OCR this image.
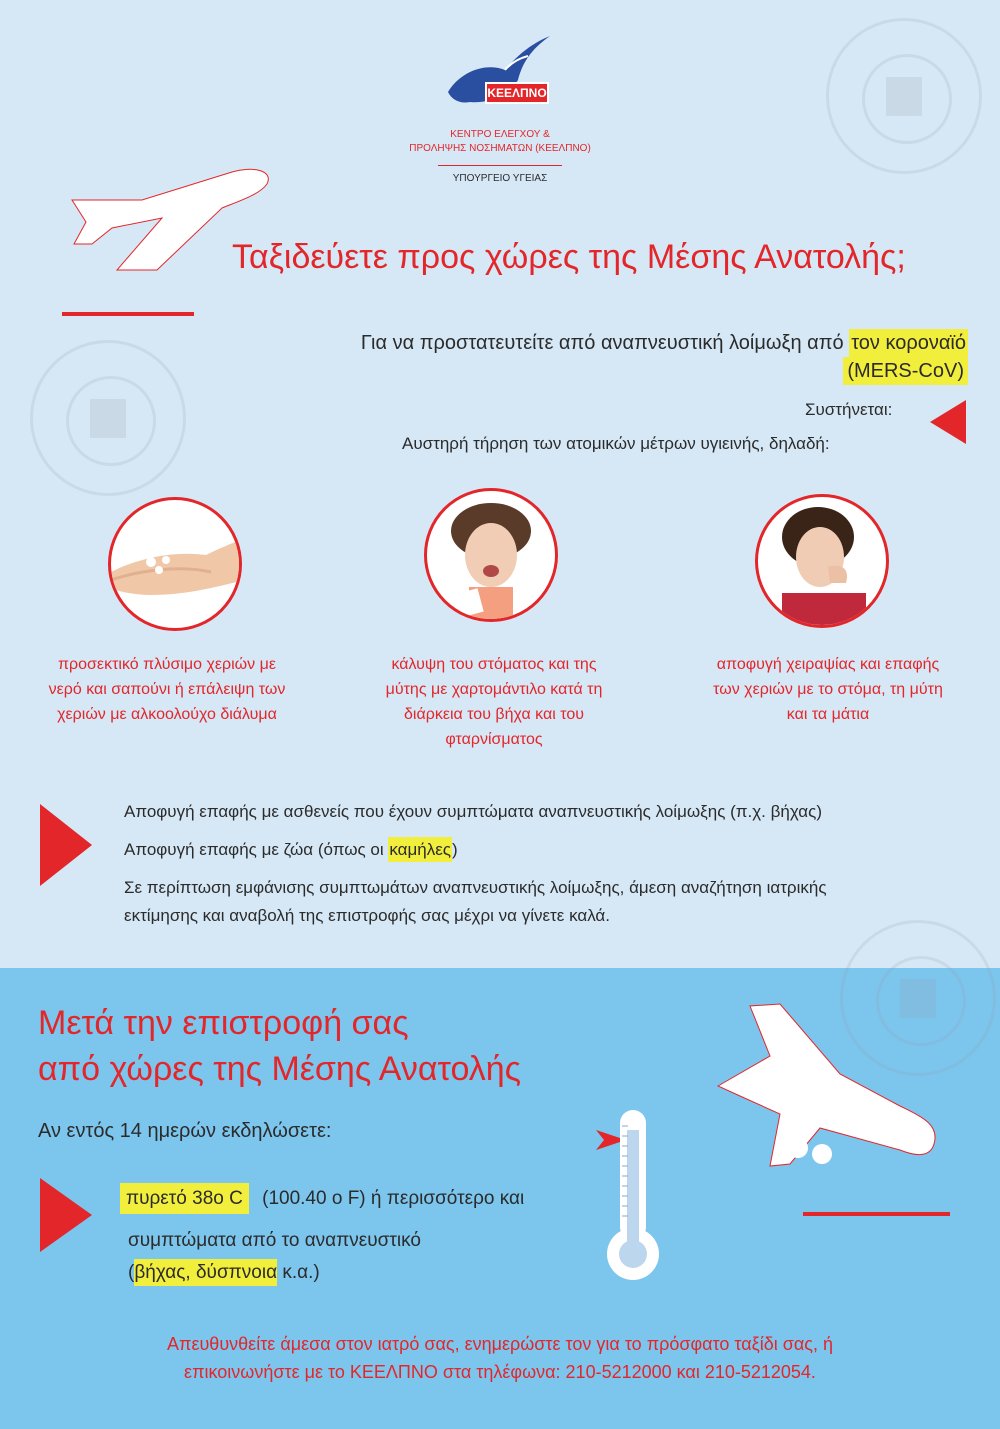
ΚΕΕΛΠΝΟ
ΚΕΝΤΡΟ ΕΛΕΓΧΟΥ &
ΠΡΟΛΗΨΗΣ ΝΟΣΗΜΑΤΩΝ (ΚΕΕΛΠΝΟ)
ΥΠΟΥΡΓΕΙΟ ΥΓΕΙΑΣ
Ταξιδεύετε προς χώρες της Μέσης Ανατολής;
Για να προστατευτείτε από αναπνευστική λοίμωξη από τον κοροναϊό
(MERS-CoV)
Συστήνεται:
Αυστηρή τήρηση των ατομικών μέτρων υγιεινής, δηλαδή:
προσεκτικό πλύσιμο χεριών με νερό και σαπούνι ή επάλειψη των χεριών με αλκοολούχο διάλυμα
κάλυψη του στόματος και της μύτης με χαρτομάντιλο κατά τη διάρκεια του βήχα και του φταρνίσματος
αποφυγή χειραψίας και επαφής των χεριών με το στόμα, τη μύτη και τα μάτια
Αποφυγή επαφής με ασθενείς που έχουν συμπτώματα αναπνευστικής λοίμωξης (π.χ. βήχας)
Αποφυγή επαφής με ζώα (όπως οι καμήλες)
Σε περίπτωση εμφάνισης συμπτωμάτων αναπνευστικής λοίμωξης, άμεση αναζήτηση ιατρικής
εκτίμησης και αναβολή της επιστροφής σας μέχρι να γίνετε καλά.
Μετά την επιστροφή σας
από χώρες της Μέσης Ανατολής
Αν εντός 14 ημερών εκδηλώσετε:
πυρετό 38ο C (100.40 ο F) ή περισσότερο και
συμπτώματα από το αναπνευστικό
(βήχας, δύσπνοια κ.α.)
Απευθυνθείτε άμεσα στον ιατρό σας, ενημερώστε τον για το πρόσφατο ταξίδι σας, ή
επικοινωνήστε με το ΚΕΕΛΠΝΟ στα τηλέφωνα: 210-5212000 και 210-5212054.
